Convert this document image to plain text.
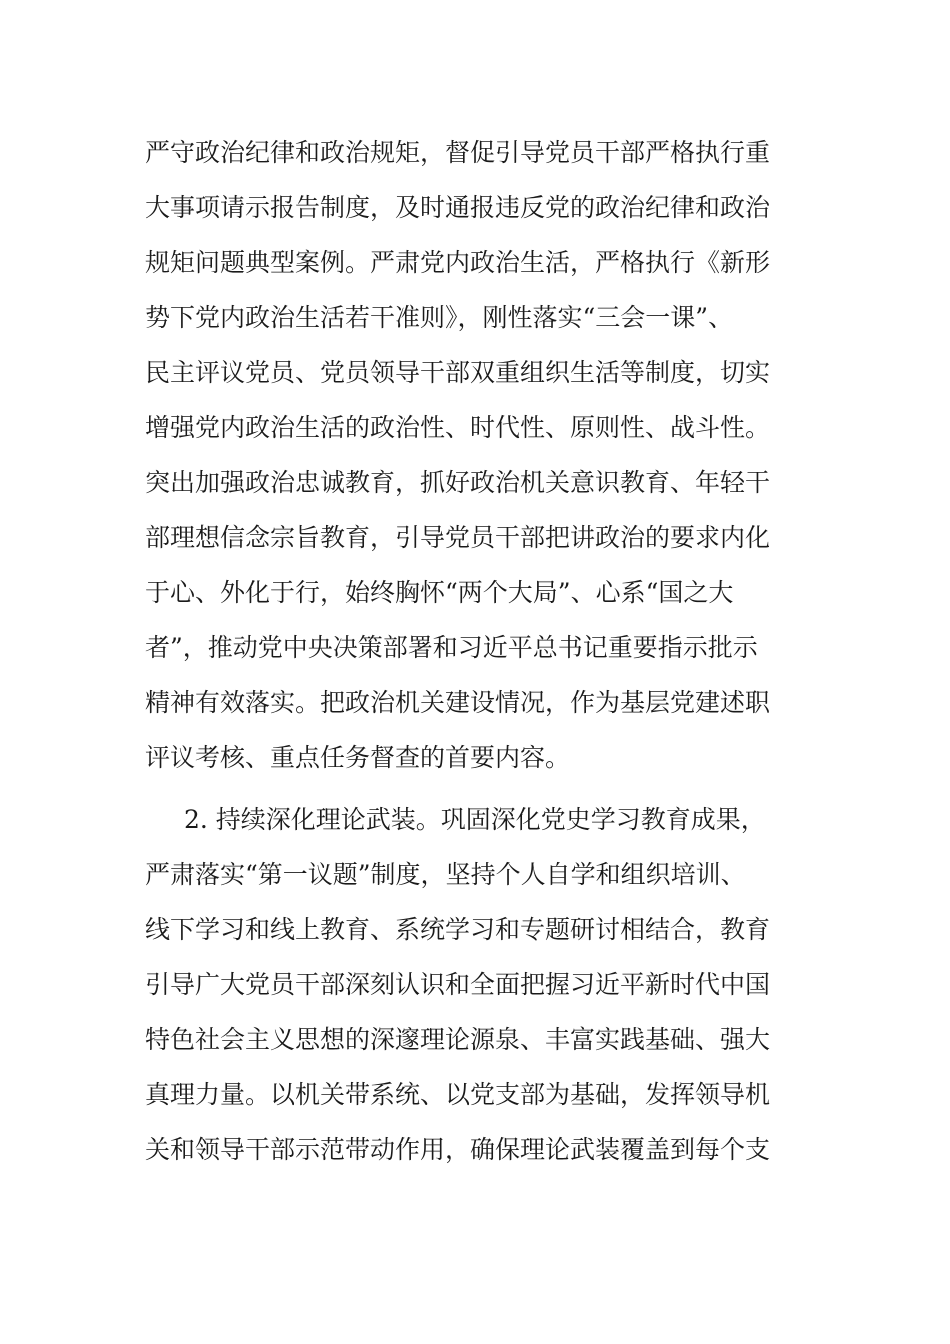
严守政治纪律和政治规矩，督促引导党员干部严格执行重
大事项请示报告制度，及时通报违反党的政治纪律和政治
规矩问题典型案例。严肃党内政治生活，严格执行《新形
势下党内政治生活若干准则》，刚性落实“三会一课”、
民主评议党员、党员领导干部双重组织生活等制度，切实
增强党内政治生活的政治性、时代性、原则性、战斗性。
突出加强政治忠诚教育，抓好政治机关意识教育、年轻干
部理想信念宗旨教育，引导党员干部把讲政治的要求内化
于心、外化于行，始终胸怀“两个大局”、心系“国之大
者”，推动党中央决策部署和习近平总书记重要指示批示
精神有效落实。把政治机关建设情况，作为基层党建述职
评议考核、重点任务督查的首要内容。
2. 持续深化理论武装。巩固深化党史学习教育成果，
严肃落实“第一议题”制度，坚持个人自学和组织培训、
线下学习和线上教育、系统学习和专题研讨相结合，教育
引导广大党员干部深刻认识和全面把握习近平新时代中国
特色社会主义思想的深邃理论源泉、丰富实践基础、强大
真理力量。以机关带系统、以党支部为基础，发挥领导机
关和领导干部示范带动作用，确保理论武装覆盖到每个支
